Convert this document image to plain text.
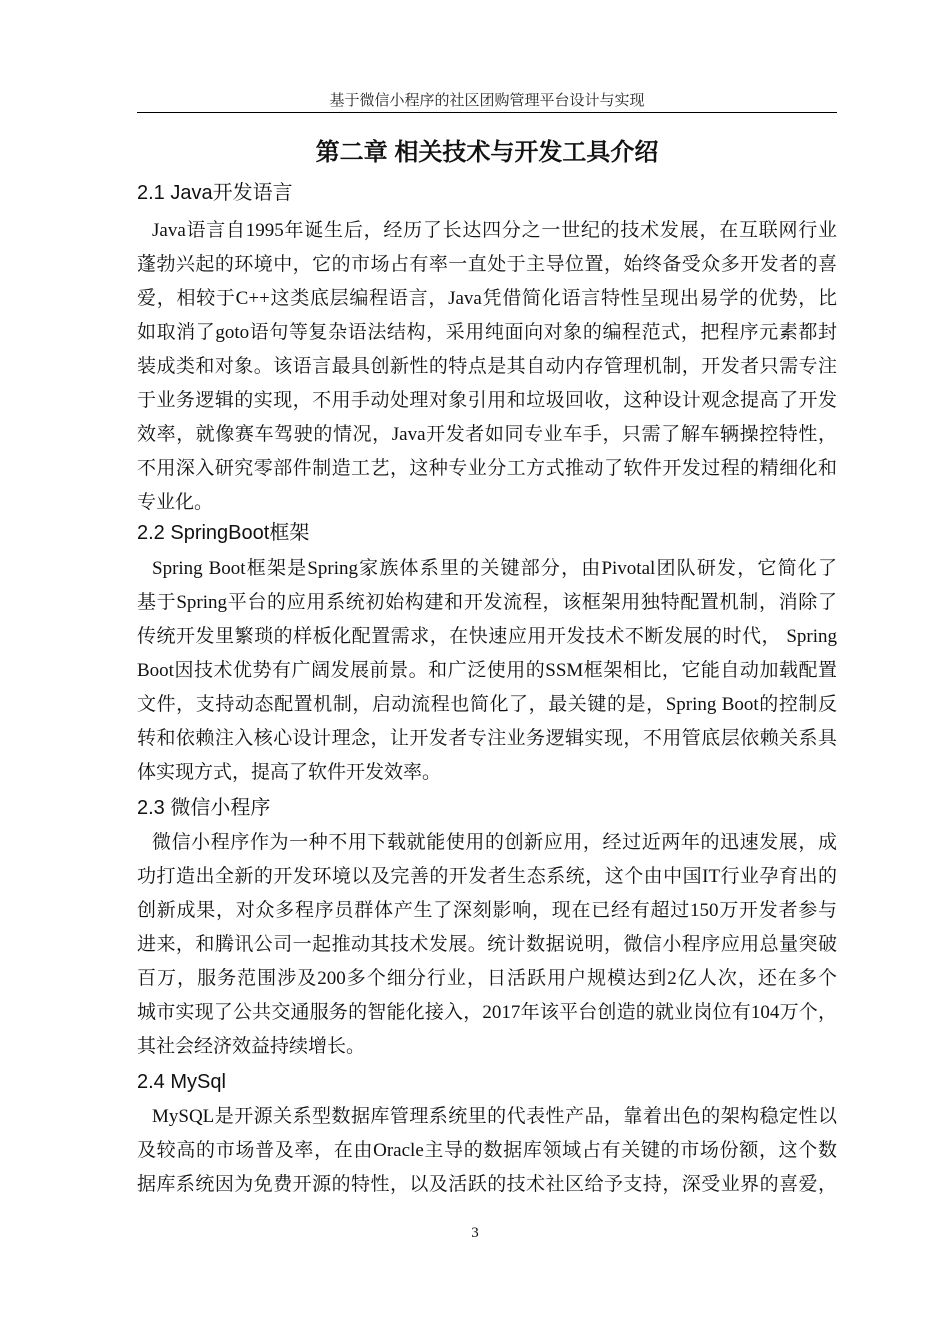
基于微信小程序的社区团购管理平台设计与实现
第二章 相关技术与开发工具介绍
2.1 Java开发语言
Java语言自1995年诞生后，经历了长达四分之一世纪的技术发展，在互联网行业
蓬勃兴起的环境中，它的市场占有率一直处于主导位置，始终备受众多开发者的喜
爱，相较于C++这类底层编程语言，Java凭借简化语言特性呈现出易学的优势，比
如取消了goto语句等复杂语法结构，采用纯面向对象的编程范式，把程序元素都封
装成类和对象。该语言最具创新性的特点是其自动内存管理机制，开发者只需专注
于业务逻辑的实现，不用手动处理对象引用和垃圾回收，这种设计观念提高了开发
效率，就像赛车驾驶的情况，Java开发者如同专业车手，只需了解车辆操控特性，
不用深入研究零部件制造工艺，这种专业分工方式推动了软件开发过程的精细化和
专业化。
2.2 SpringBoot框架
Spring Boot框架是Spring家族体系里的关键部分，由Pivotal团队研发，它简化了
基于Spring平台的应用系统初始构建和开发流程，该框架用独特配置机制，消除了
传统开发里繁琐的样板化配置需求，在快速应用开发技术不断发展的时代， Spring
Boot因技术优势有广阔发展前景。和广泛使用的SSM框架相比，它能自动加载配置
文件，支持动态配置机制，启动流程也简化了，最关键的是，Spring Boot的控制反
转和依赖注入核心设计理念，让开发者专注业务逻辑实现，不用管底层依赖关系具
体实现方式，提高了软件开发效率。
2.3 微信小程序
微信小程序作为一种不用下载就能使用的创新应用，经过近两年的迅速发展，成
功打造出全新的开发环境以及完善的开发者生态系统，这个由中国IT行业孕育出的
创新成果，对众多程序员群体产生了深刻影响，现在已经有超过150万开发者参与
进来，和腾讯公司一起推动其技术发展。统计数据说明，微信小程序应用总量突破
百万，服务范围涉及200多个细分行业，日活跃用户规模达到2亿人次，还在多个
城市实现了公共交通服务的智能化接入，2017年该平台创造的就业岗位有104万个，
其社会经济效益持续增长。
2.4 MySql
MySQL是开源关系型数据库管理系统里的代表性产品，靠着出色的架构稳定性以
及较高的市场普及率，在由Oracle主导的数据库领域占有关键的市场份额，这个数
据库系统因为免费开源的特性，以及活跃的技术社区给予支持，深受业界的喜爱，
3
